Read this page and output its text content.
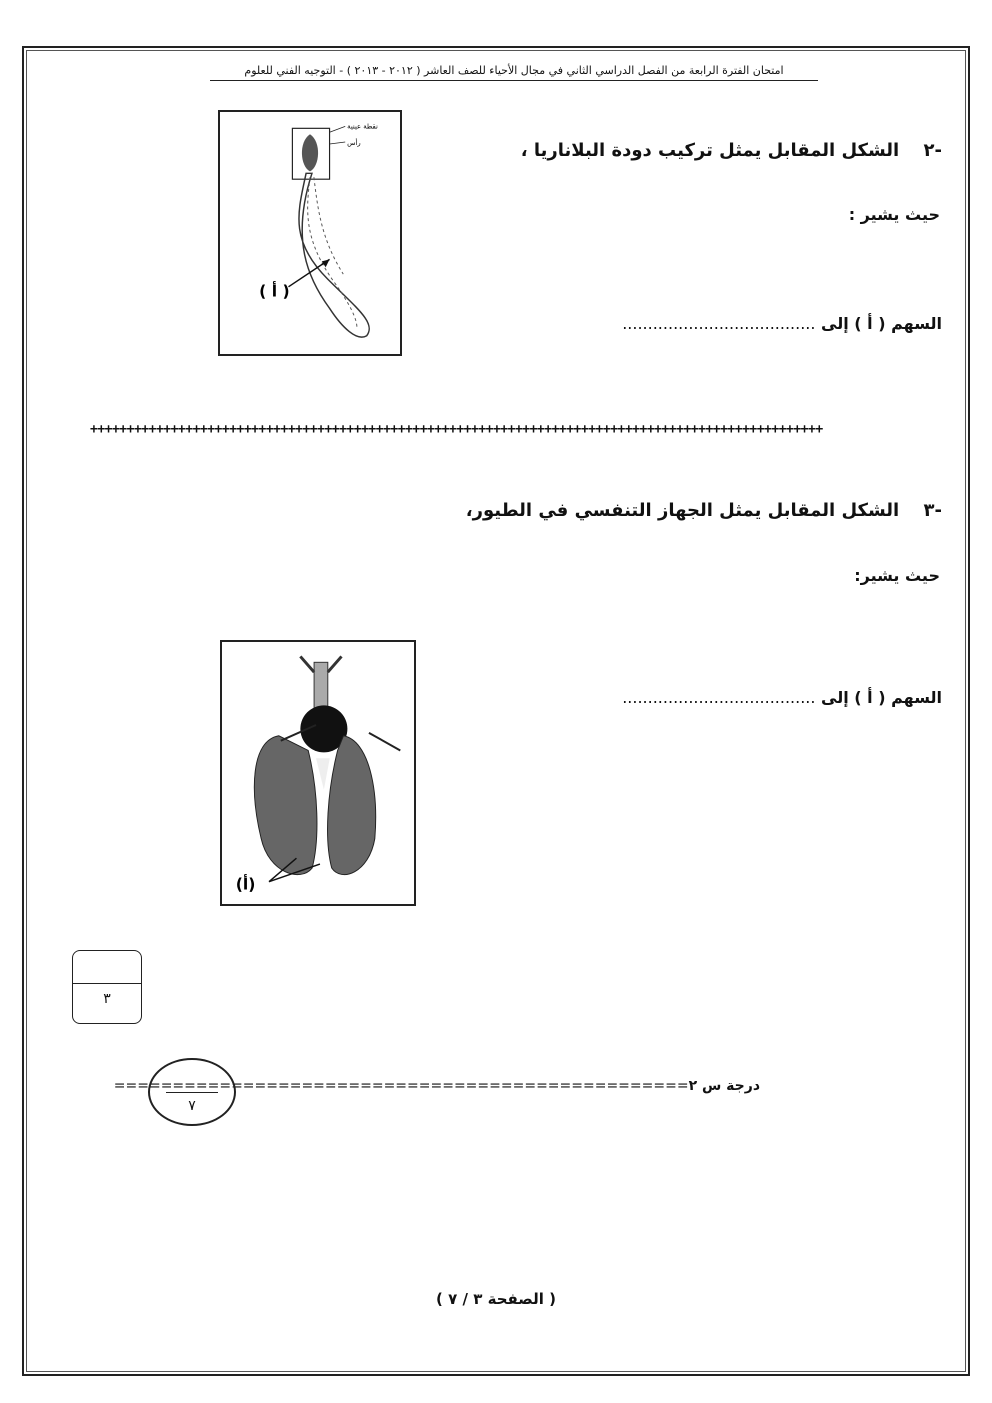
امتحان الفترة الرابعة من الفصل الدراسي الثاني في مجال الأحياء للصف العاشر ( ٢٠١٢ - ٢٠١٣ ) - التوجيه الفني للعلوم
-٢ الشكل المقابل يمثل تركيب دودة البلاناريا ،
حيث يشير :
السهم ( أ ) إلى ......................................
نقطة عينية
رأس
( أ )
++++++++++++++++++++++++++++++++++++++++++++++++++++++++++++++++++++++++++++++++++++++++++++++++++++
-٣ الشكل المقابل يمثل الجهاز التنفسي في الطيور،
حيث يشير:
السهم ( أ ) إلى ......................................
(أ)
٣
درجة س ٢=================================================
٧
( الصفحة ٣ / ٧ )
